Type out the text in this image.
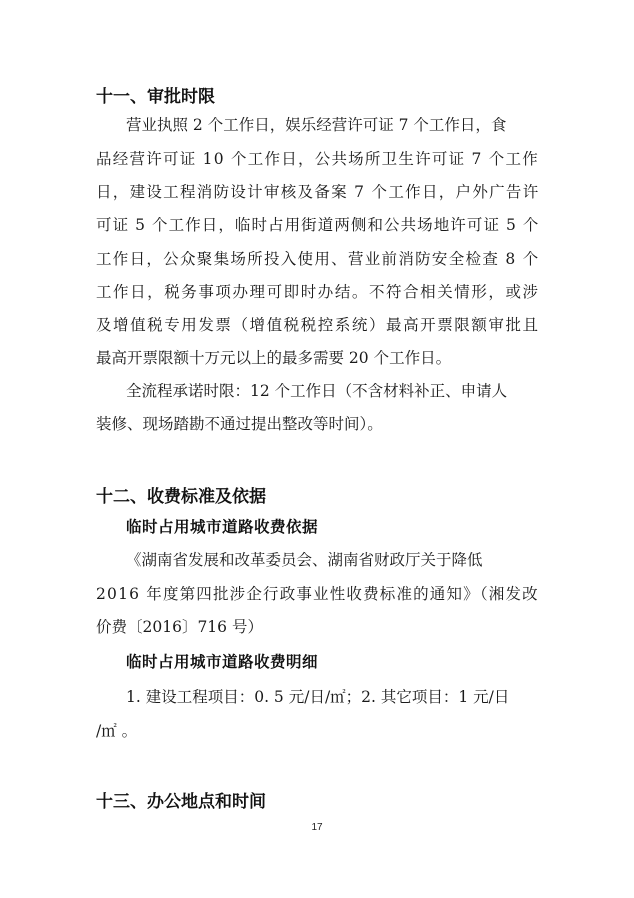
十一、审批时限
营业执照 2 个工作日，娱乐经营许可证 7 个工作日，食
品经营许可证 10 个工作日，公共场所卫生许可证 7 个工作
日，建设工程消防设计审核及备案 7 个工作日，户外广告许
可证 5 个工作日，临时占用街道两侧和公共场地许可证 5 个
工作日，公众聚集场所投入使用、营业前消防安全检查 8 个
工作日，税务事项办理可即时办结。不符合相关情形，或涉
及增值税专用发票（增值税税控系统）最高开票限额审批且
最高开票限额十万元以上的最多需要 20 个工作日。
全流程承诺时限：12 个工作日（不含材料补正、申请人
装修、现场踏勘不通过提出整改等时间）。
十二、收费标准及依据
临时占用城市道路收费依据
《湖南省发展和改革委员会、湖南省财政厅关于降低
2016 年度第四批涉企行政事业性收费标准的通知》（湘发改
价费〔2016〕716 号）
临时占用城市道路收费明细
1. 建设工程项目：0. 5 元/日/㎡；2. 其它项目：1 元/日
/㎡ 。
十三、办公地点和时间
17
